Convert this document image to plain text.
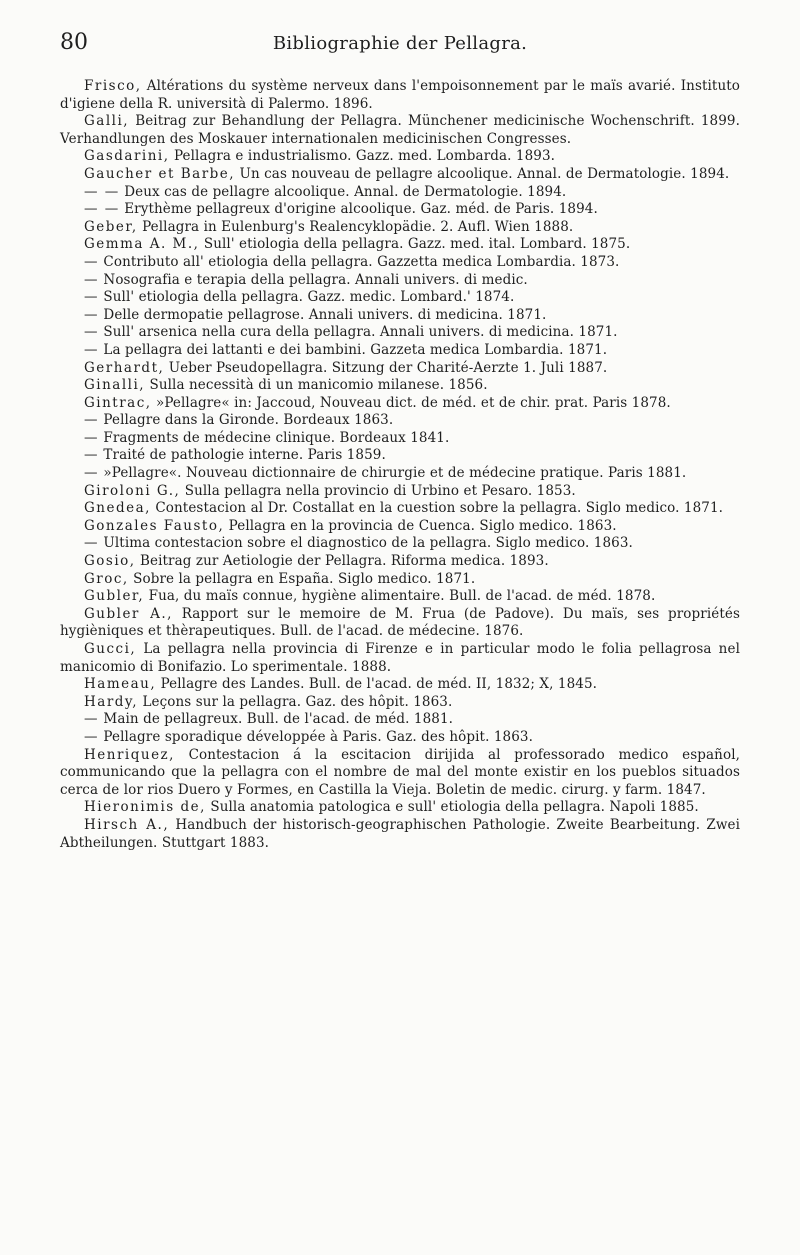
80	Bibliographie der Pellagra.

Frisco, Altérations du système nerveux dans l'empoisonnement par le maïs avarié. Instituto d'igiene della R. università di Palermo. 1896.

Galli, Beitrag zur Behandlung der Pellagra. Münchener medicinische Wochenschrift. 1899. Verhandlungen des Moskauer internationalen medicinischen Congresses.

Gasdarini, Pellagra e industrialismo. Gazz. med. Lombarda. 1893.

Gaucher et Barbe, Un cas nouveau de pellagre alcoolique. Annal. de Dermatologie. 1894.

— — Deux cas de pellagre alcoolique. Annal. de Dermatologie. 1894.

— — Erythème pellagreux d'origine alcoolique. Gaz. méd. de Paris. 1894.

Geber, Pellagra in Eulenburg's Realencyklopädie. 2. Aufl. Wien 1888.

Gemma A. M., Sull' etiologia della pellagra. Gazz. med. ital. Lombard. 1875.

— Contributo all' etiologia della pellagra. Gazzetta medica Lombardia. 1873.

— Nosografia e terapia della pellagra. Annali univers. di medic.

— Sull' etiologia della pellagra. Gazz. medic. Lombard.' 1874.

— Delle dermopatie pellagrose. Annali univers. di medicina. 1871.

— Sull' arsenica nella cura della pellagra. Annali univers. di medicina. 1871.

— La pellagra dei lattanti e dei bambini. Gazzeta medica Lombardia. 1871.

Gerhardt, Ueber Pseudopellagra. Sitzung der Charité-Aerzte 1. Juli 1887.

Ginalli, Sulla necessità di un manicomio milanese. 1856.

Gintrac, »Pellagre« in: Jaccoud, Nouveau dict. de méd. et de chir. prat. Paris 1878.

— Pellagre dans la Gironde. Bordeaux 1863.

— Fragments de médecine clinique. Bordeaux 1841.

— Traité de pathologie interne. Paris 1859.

— »Pellagre«. Nouveau dictionnaire de chirurgie et de médecine pratique. Paris 1881.

Giroloni G., Sulla pellagra nella provincio di Urbino et Pesaro. 1853.

Gnedea, Contestacion al Dr. Costallat en la cuestion sobre la pellagra. Siglo medico. 1871.

Gonzales Fausto, Pellagra en la provincia de Cuenca. Siglo medico. 1863.

— Ultima contestacion sobre el diagnostico de la pellagra. Siglo medico. 1863.

Gosio, Beitrag zur Aetiologie der Pellagra. Riforma medica. 1893.

Groc, Sobre la pellagra en España. Siglo medico. 1871.

Gubler, Fua, du maïs connue, hygiène alimentaire. Bull. de l'acad. de méd. 1878.

Gubler A., Rapport sur le memoire de M. Frua (de Padove). Du maïs, ses propriétés hygièniques et thèrapeutiques. Bull. de l'acad. de médecine. 1876.

Gucci, La pellagra nella provincia di Firenze e in particular modo le folia pellagrosa nel manicomio di Bonifazio. Lo sperimentale. 1888.

Hameau, Pellagre des Landes. Bull. de l'acad. de méd. II, 1832; X, 1845.

Hardy, Leçons sur la pellagra. Gaz. des hôpit. 1863.

— Main de pellagreux. Bull. de l'acad. de méd. 1881.

— Pellagre sporadique développée à Paris. Gaz. des hôpit. 1863.

Henriquez, Contestacion á la escitacion dirijida al professorado medico español, communicando que la pellagra con el nombre de mal del monte existir en los pueblos situados cerca de lor rios Duero y Formes, en Castilla la Vieja. Boletin de medic. cirurg. y farm. 1847.

Hieronimis de, Sulla anatomia patologica e sull' etiologia della pellagra. Napoli 1885.

Hirsch A., Handbuch der historisch-geographischen Pathologie. Zweite Bearbeitung. Zwei Abtheilungen. Stuttgart 1883.
